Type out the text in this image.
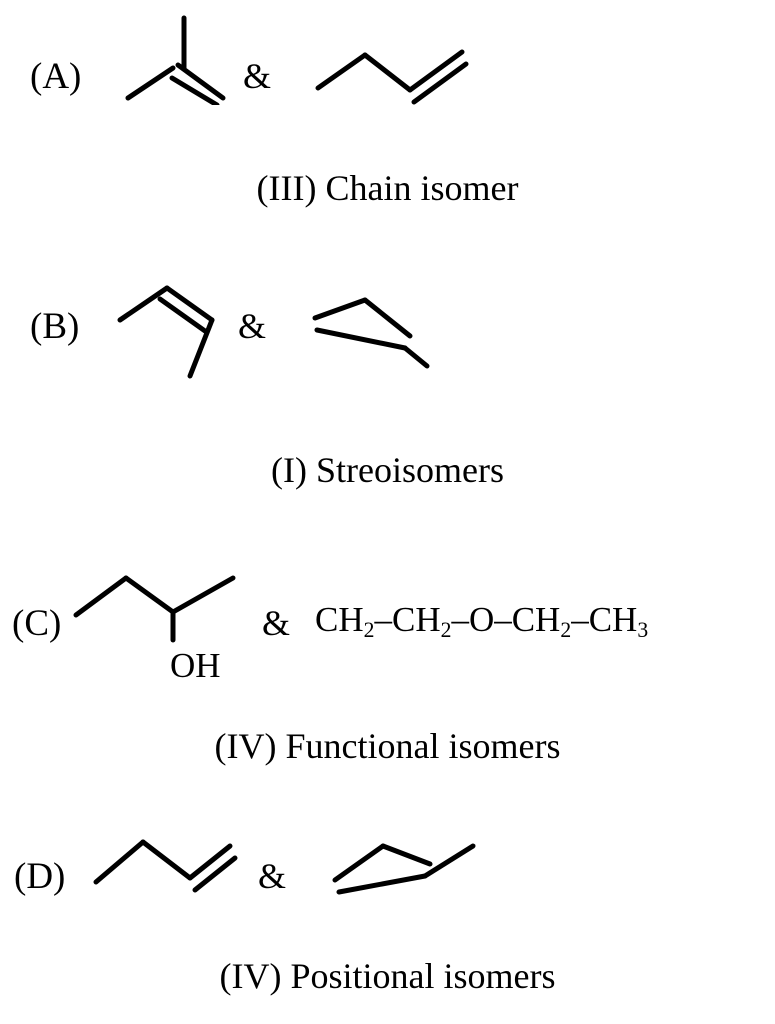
(A)	&
(III) Chain isomer
(B)	&
(I) Streoisomers
(C)
OH
& $CH_2-CH_2-O-CH_2-CH_3$
(IV) Functional isomers
(D)	&
(IV) Positional isomers
